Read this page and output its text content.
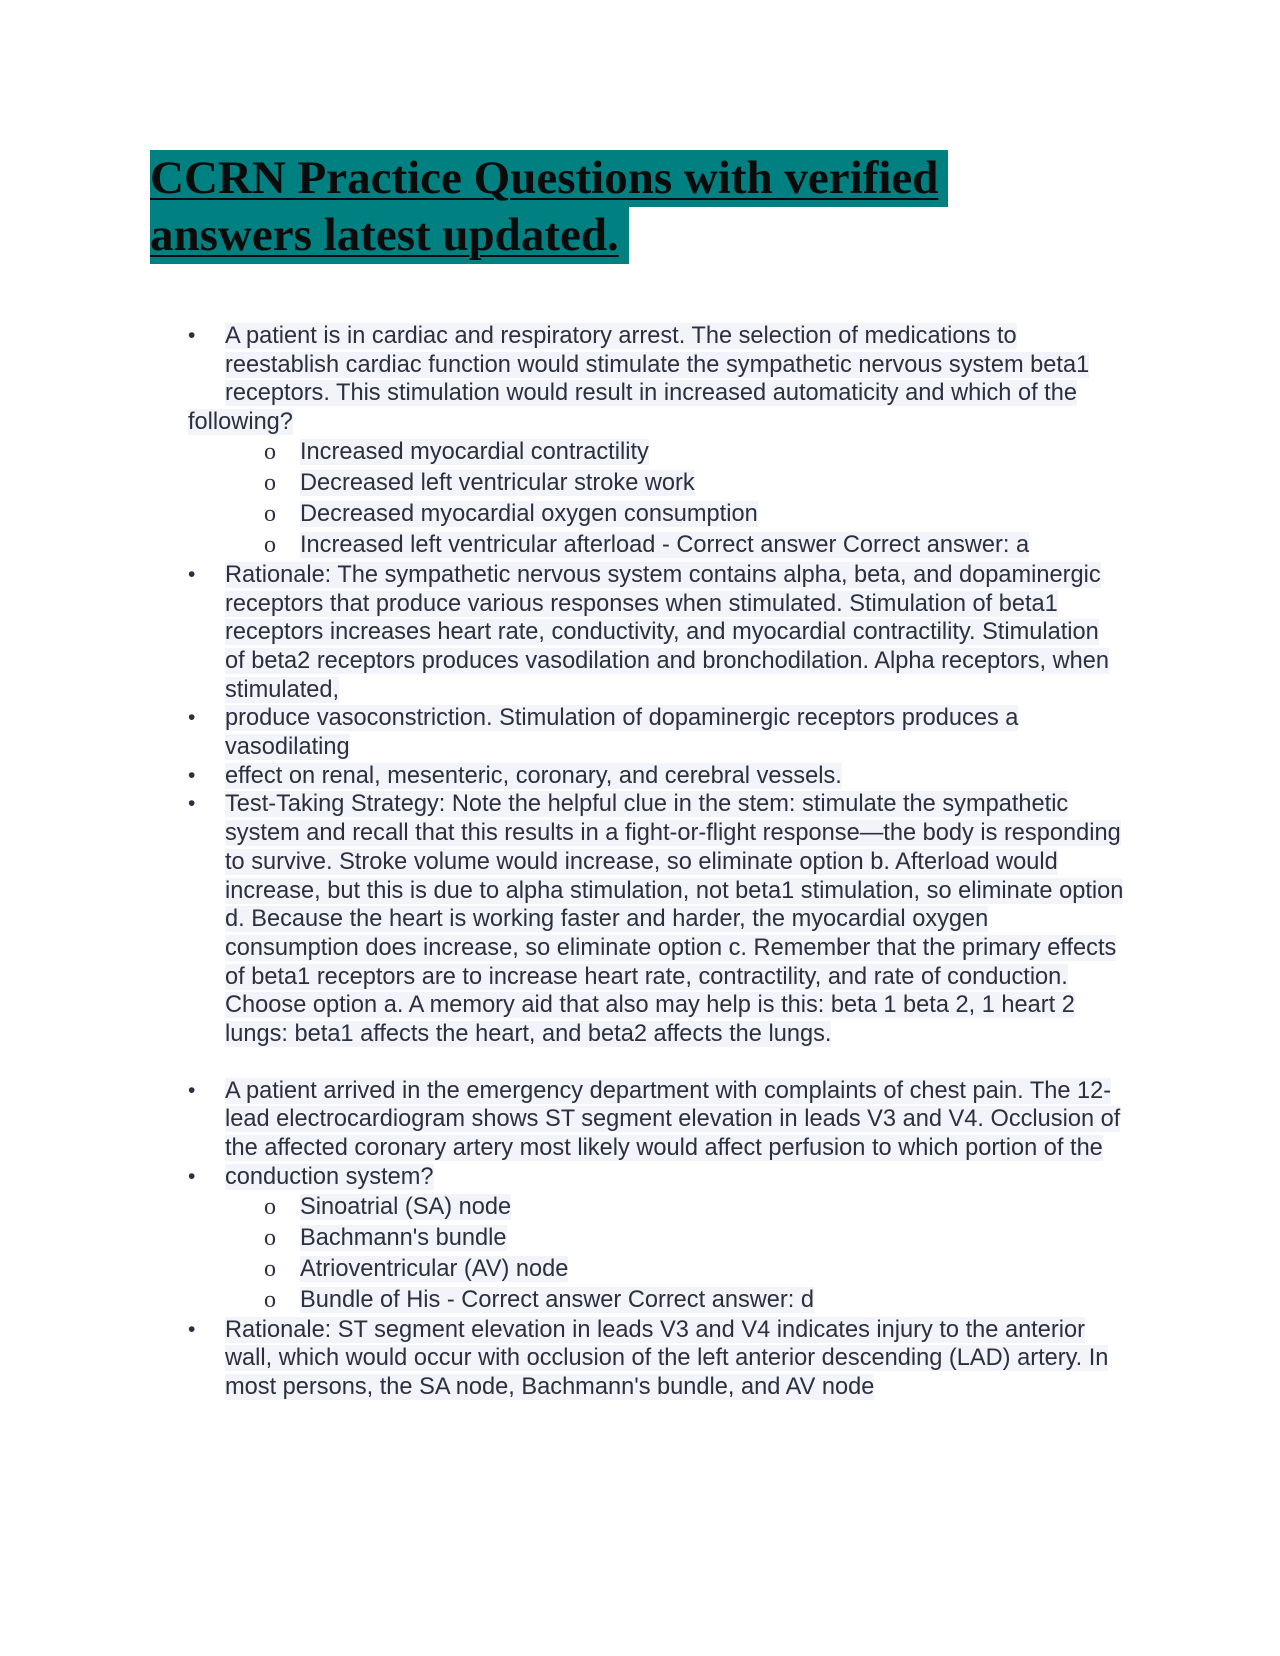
CCRN Practice Questions with verified
answers latest updated.
• A patient is in cardiac and respiratory arrest. The selection of medications to reestablish cardiac function would stimulate the sympathetic nervous system beta1 receptors. This stimulation would result in increased automaticity and which of the
following?
o Increased myocardial contractility
o Decreased left ventricular stroke work
o Decreased myocardial oxygen consumption
o Increased left ventricular afterload - Correct answer Correct answer: a
• Rationale: The sympathetic nervous system contains alpha, beta, and dopaminergic receptors that produce various responses when stimulated. Stimulation of beta1 receptors increases heart rate, conductivity, and myocardial contractility. Stimulation of beta2 receptors produces vasodilation and bronchodilation. Alpha receptors, when stimulated,
• produce vasoconstriction. Stimulation of dopaminergic receptors produces a vasodilating
• effect on renal, mesenteric, coronary, and cerebral vessels.
• Test-Taking Strategy: Note the helpful clue in the stem: stimulate the sympathetic system and recall that this results in a fight-or-flight response—the body is responding to survive. Stroke volume would increase, so eliminate option b. Afterload would increase, but this is due to alpha stimulation, not beta1 stimulation, so eliminate option d. Because the heart is working faster and harder, the myocardial oxygen consumption does increase, so eliminate option c. Remember that the primary effects of beta1 receptors are to increase heart rate, contractility, and rate of conduction. Choose option a. A memory aid that also may help is this: beta 1 beta 2, 1 heart 2 lungs: beta1 affects the heart, and beta2 affects the lungs.
• A patient arrived in the emergency department with complaints of chest pain. The 12-lead electrocardiogram shows ST segment elevation in leads V3 and V4. Occlusion of the affected coronary artery most likely would affect perfusion to which portion of the
• conduction system?
o Sinoatrial (SA) node
o Bachmann's bundle
o Atrioventricular (AV) node
o Bundle of His - Correct answer Correct answer: d
• Rationale: ST segment elevation in leads V3 and V4 indicates injury to the anterior wall, which would occur with occlusion of the left anterior descending (LAD) artery. In most persons, the SA node, Bachmann's bundle, and AV node
